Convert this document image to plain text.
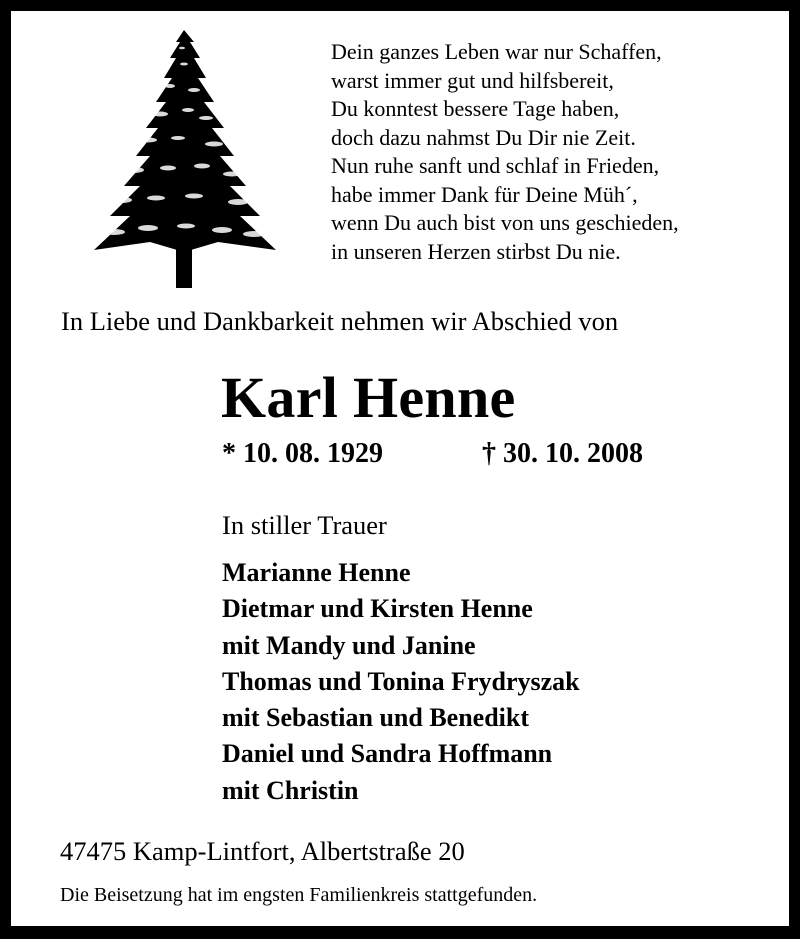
Dein ganzes Leben war nur Schaffen,
warst immer gut und hilfsbereit,
Du konntest bessere Tage haben,
doch dazu nahmst Du Dir nie Zeit.
Nun ruhe sanft und schlaf in Frieden,
habe immer Dank für Deine Müh´,
wenn Du auch bist von uns geschieden,
in unseren Herzen stirbst Du nie.
In Liebe und Dankbarkeit nehmen wir Abschied von
Karl Henne
* 10. 08. 1929	† 30. 10. 2008
In stiller Trauer
Marianne Henne
Dietmar und Kirsten Henne
mit Mandy und Janine
Thomas und Tonina Frydryszak
mit Sebastian und Benedikt
Daniel und Sandra Hoffmann
mit Christin
47475 Kamp-Lintfort, Albertstraße 20
Die Beisetzung hat im engsten Familienkreis stattgefunden.
